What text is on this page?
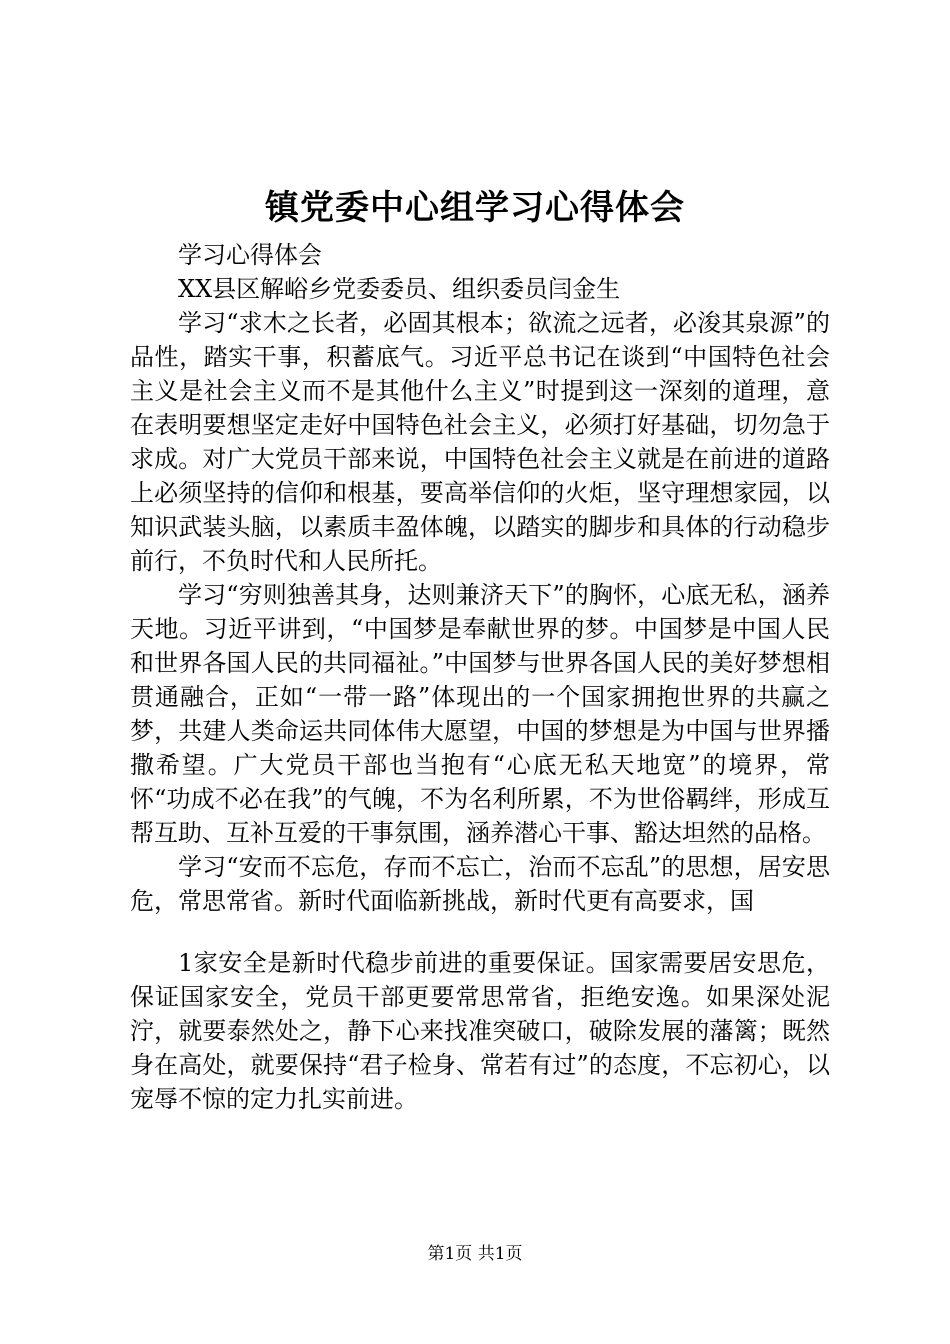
镇党委中心组学习心得体会

学习心得体会

XX县区解峪乡党委委员、组织委员闫金生

学习“求木之长者，必固其根本；欲流之远者，必浚其泉源”的品性，踏实干事，积蓄底气。习近平总书记在谈到“中国特色社会主义是社会主义而不是其他什么主义”时提到这一深刻的道理，意在表明要想坚定走好中国特色社会主义，必须打好基础，切勿急于求成。对广大党员干部来说，中国特色社会主义就是在前进的道路上必须坚持的信仰和根基，要高举信仰的火炬，坚守理想家园，以知识武装头脑，以素质丰盈体魄，以踏实的脚步和具体的行动稳步前行，不负时代和人民所托。

学习“穷则独善其身，达则兼济天下”的胸怀，心底无私，涵养天地。习近平讲到，“中国梦是奉献世界的梦。中国梦是中国人民和世界各国人民的共同福祉。”中国梦与世界各国人民的美好梦想相贯通融合，正如“一带一路”体现出的一个国家拥抱世界的共赢之梦，共建人类命运共同体伟大愿望，中国的梦想是为中国与世界播撒希望。广大党员干部也当抱有“心底无私天地宽”的境界，常怀“功成不必在我”的气魄，不为名利所累，不为世俗羁绊，形成互帮互助、互补互爱的干事氛围，涵养潜心干事、豁达坦然的品格。

学习“安而不忘危，存而不忘亡，治而不忘乱”的思想，居安思危，常思常省。新时代面临新挑战，新时代更有高要求，国

1家安全是新时代稳步前进的重要保证。国家需要居安思危，保证国家安全，党员干部更要常思常省，拒绝安逸。如果深处泥泞，就要泰然处之，静下心来找准突破口，破除发展的藩篱；既然身在高处，就要保持“君子检身、常若有过”的态度，不忘初心，以宠辱不惊的定力扎实前进。

第1页 共1页
